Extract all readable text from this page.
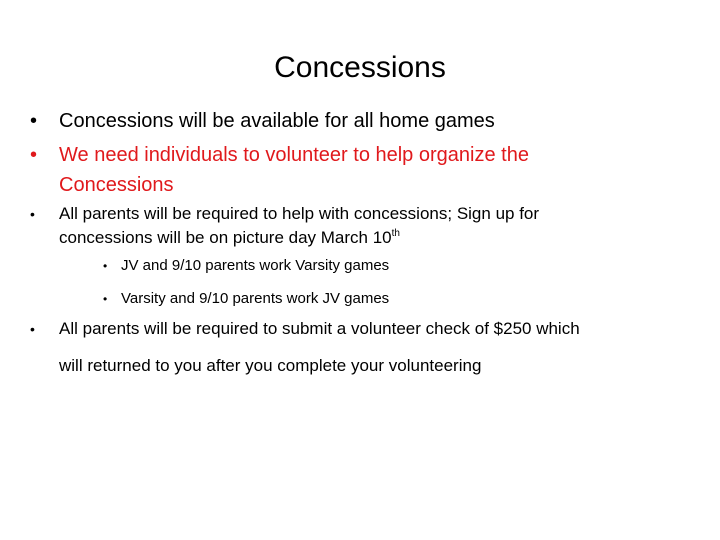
Concessions
•	Concessions will be available for all home games
• We need individuals to volunteer to help organize the
Concessions
• All parents will be required to help with concessions; Sign up for
concessions will be on picture day March 10th
• JV and 9/10 parents work Varsity games
• Varsity and 9/10 parents work JV games
• All parents will be required to submit a volunteer check of $250 which
will returned to you after you complete your volunteering
